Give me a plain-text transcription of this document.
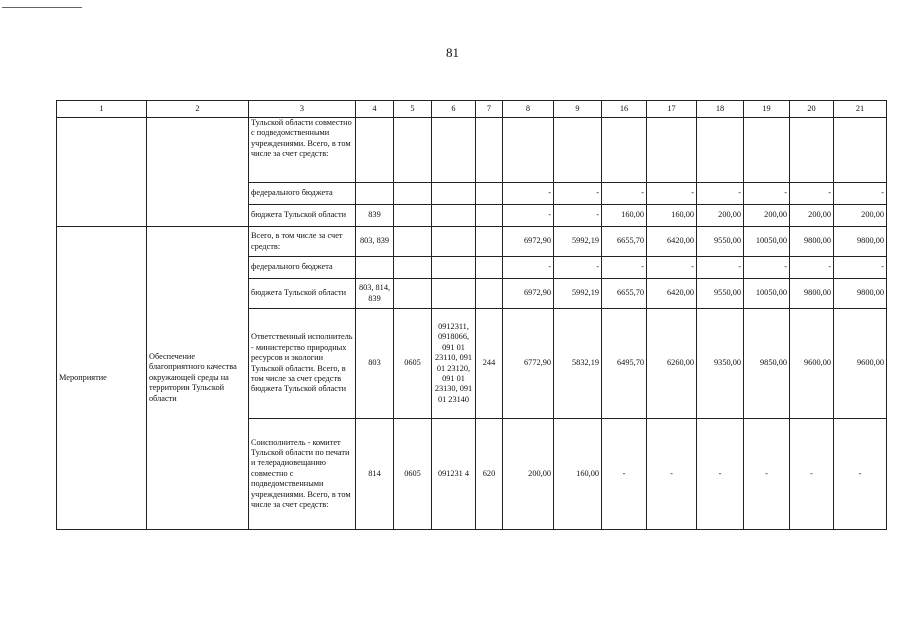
81
1	2	3	4	5	6	7	8	9	16	17	18	19	20	21
		Тульской области совместно с подведомственными учреждениями. Всего, в том числе за счет средств:												
		федерального бюджета					-	-	-	-	-	-	-	-
		бюджета Тульской области	839				-	-	160,00	160,00	200,00	200,00	200,00	200,00
Мероприятие	Обеспечение благоприятного качества окружающей среды на территории Тульской области	Всего, в том числе за счет средств:	803, 839				6972,90	5992,19	6655,70	6420,00	9550,00	10050,00	9800,00	9800,00
		федерального бюджета					-	-	-	-	-	-	-	-
		бюджета Тульской области	803, 814, 839				6972,90	5992,19	6655,70	6420,00	9550,00	10050,00	9800,00	9800,00
		Ответственный исполнитель - министерство природных ресурсов и экологии Тульской области. Всего, в том числе за счет средств бюджета Тульской области	803	0605	0912311, 0918066, 091 01 23110, 091 01 23120, 091 01 23130, 091 01 23140	244	6772,90	5832,19	6495,70	6260,00	9350,00	9850,00	9600,00	9600,00
		Соисполнитель - комитет Тульской области по печати и телерадиовещанию совместно с подведомственными учреждениями. Всего, в том числе за счет средств:	814	0605	091231 4	620	200,00	160,00	-	-	-	-	-	-
